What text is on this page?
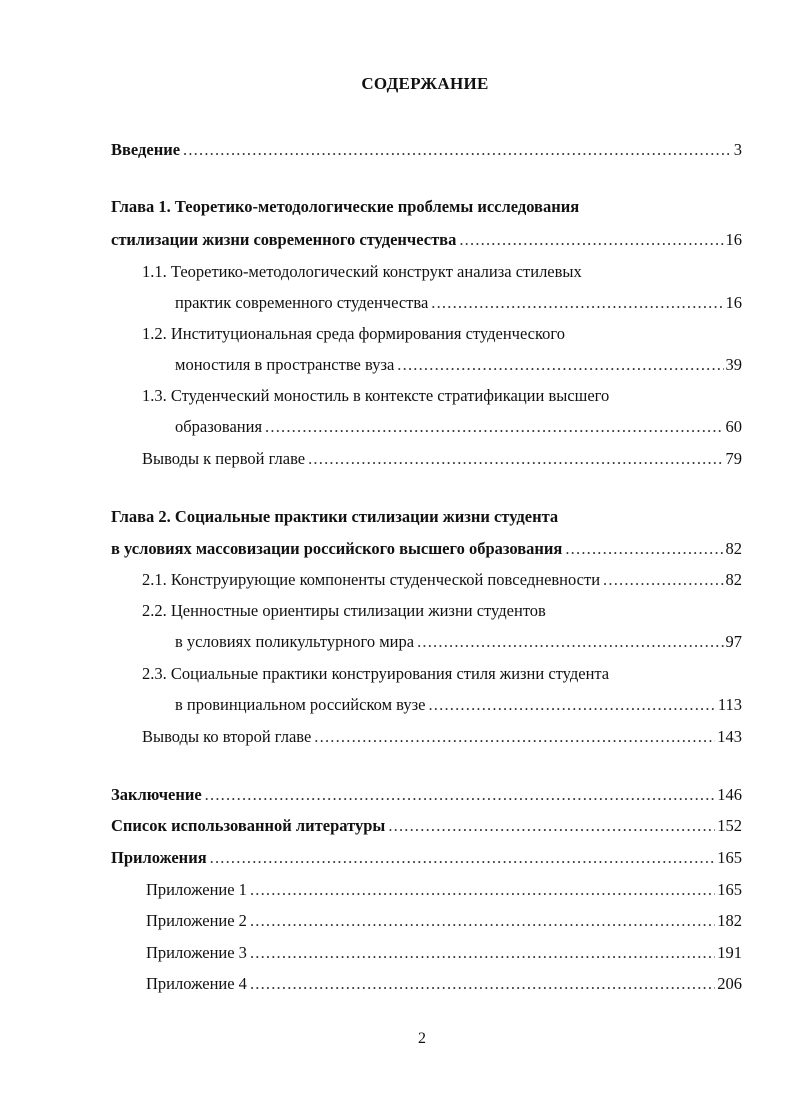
СОДЕРЖАНИЕ
Введение .....	3
Глава 1. Теоретико-методологические проблемы исследования
стилизации жизни современного студенчества .....	16
1.1. Теоретико-методологический конструкт анализа стилевых
практик современного студенчества .....	16
1.2. Институциональная среда формирования студенческого
моностиля в пространстве вуза .....	39
1.3. Студенческий моностиль в контексте стратификации высшего
образования .....	60
Выводы к первой главе .....	79
Глава 2. Социальные практики стилизации жизни студента
в условиях массовизации российского высшего образования .....	82
2.1. Конструирующие компоненты студенческой повседневности .....	82
2.2. Ценностные ориентиры стилизации жизни студентов
в условиях поликультурного мира .....	97
2.3. Социальные практики конструирования стиля жизни студента
в провинциальном российском вузе .....	113
Выводы ко второй главе .....	143
Заключение .....	146
Список использованной литературы .....	152
Приложения .....	165
Приложение 1 .....	165
Приложение 2 .....	182
Приложение 3 .....	191
Приложение 4 .....	206
2
